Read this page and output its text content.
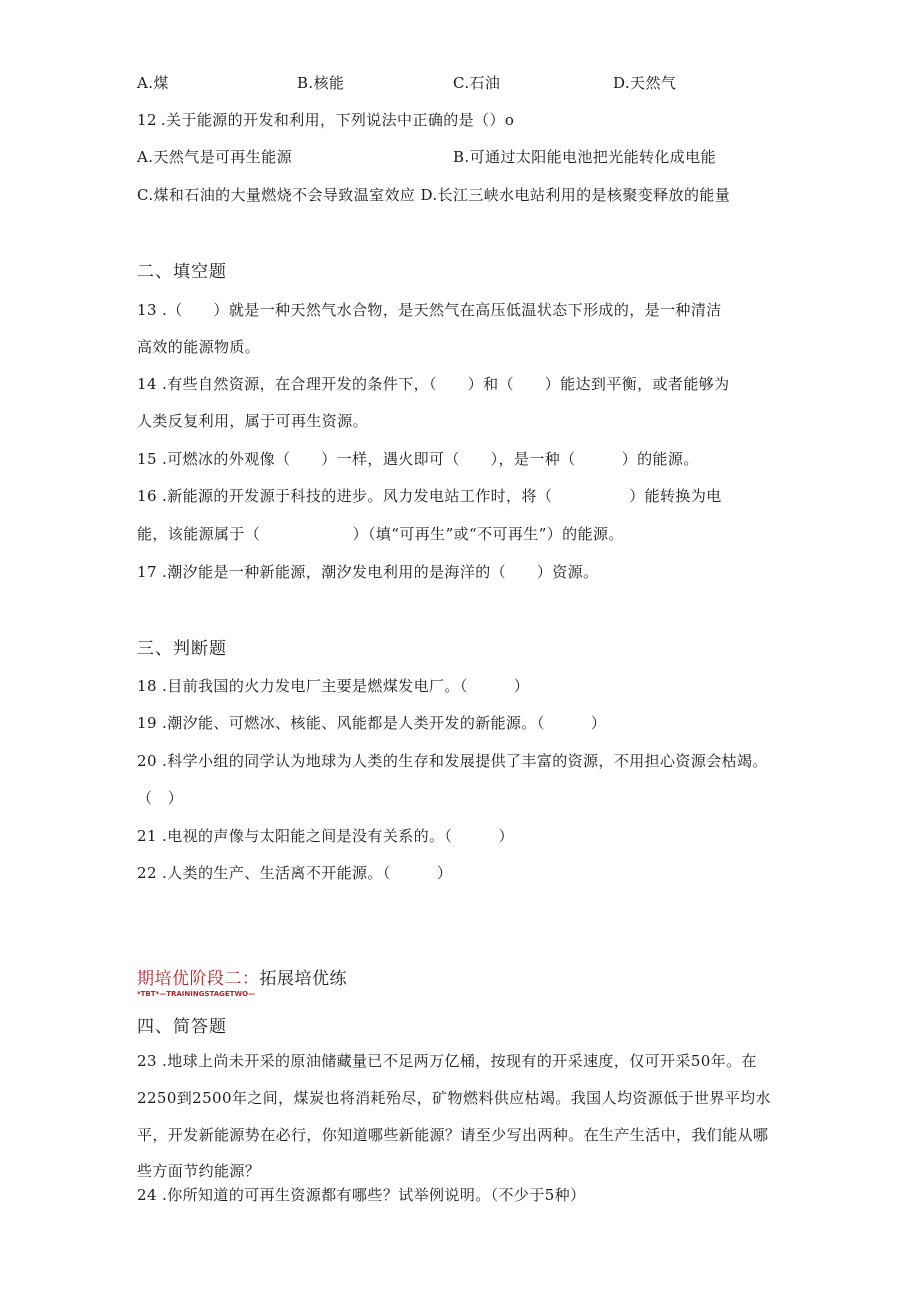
A.煤	B.核能	C.石油	D.天然气
12 .关于能源的开发和利用，下列说法中正确的是（）o
A.天然气是可再生能源	B.可通过太阳能电池把光能转化成电能
C.煤和石油的大量燃烧不会导致温室效应 D.长江三峡水电站利用的是核聚变释放的能量
二、填空题
13 .（　　）就是一种天然气水合物，是天然气在高压低温状态下形成的，是一种清洁
高效的能源物质。
14 .有些自然资源，在合理开发的条件下，（　　）和（　　）能达到平衡，或者能够为
人类反复利用，属于可再生资源。
15 .可燃冰的外观像（　　）一样，遇火即可（　　），是一种（　　　）的能源。
16 .新能源的开发源于科技的进步。风力发电站工作时，将（　　　　　）能转换为电
能，该能源属于（　　　　　　）（填“可再生”或“不可再生”）的能源。
17 .潮汐能是一种新能源，潮汐发电利用的是海洋的（　　）资源。
三、判断题
18 .目前我国的火力发电厂主要是燃煤发电厂。（　　　）
19 .潮汐能、可燃冰、核能、风能都是人类开发的新能源。（　　　）
20 .科学小组的同学认为地球为人类的生存和发展提供了丰富的资源，不用担心资源会枯竭。
（　）
21 .电视的声像与太阳能之间是没有关系的。（　　　）
22 .人类的生产、生活离不开能源。（　　　）
期培优阶段二：拓展培优练
*TBT*—TRAININGSTAGETWO—
四、简答题
23 .地球上尚未开采的原油储藏量已不足两万亿桶，按现有的开采速度，仅可开采50年。在
2250到2500年之间，煤炭也将消耗殆尽，矿物燃料供应枯竭。我国人均资源低于世界平均水
平，开发新能源势在必行，你知道哪些新能源？请至少写出两种。在生产生活中，我们能从哪
些方面节约能源？
24 .你所知道的可再生资源都有哪些？试举例说明。（不少于5种）
